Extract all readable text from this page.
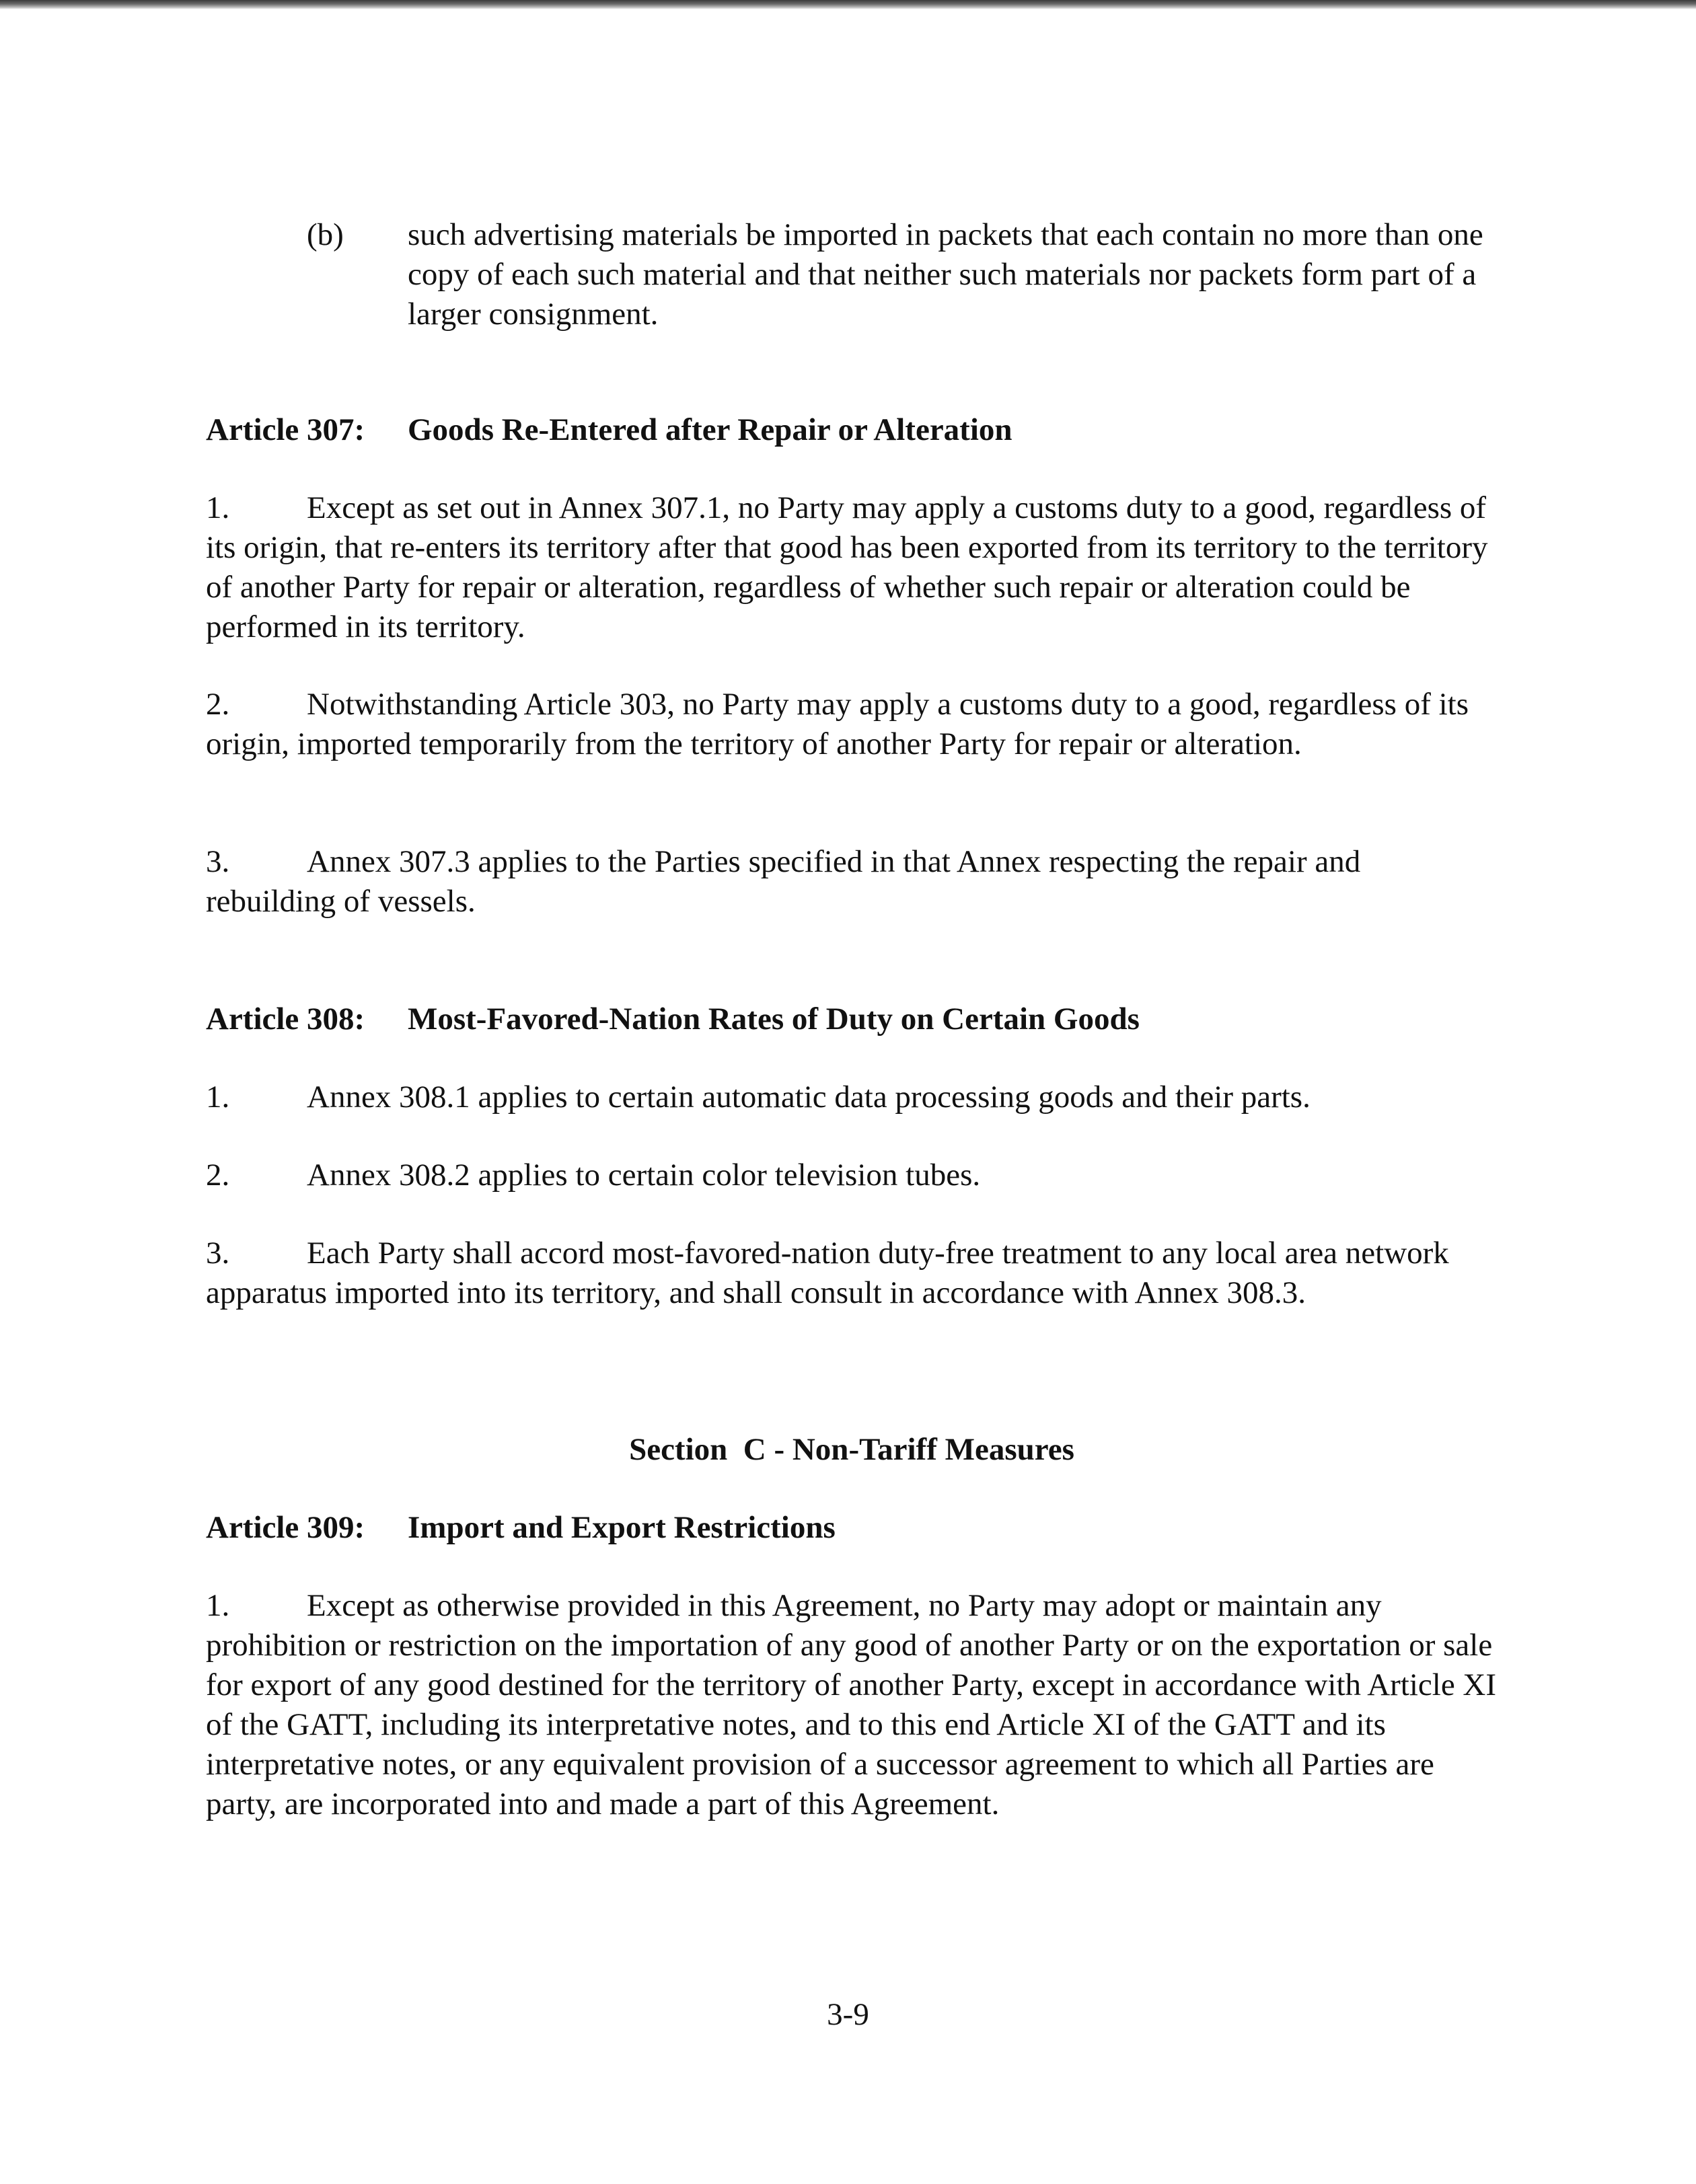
(b) such advertising materials be imported in packets that each contain no more than one copy of each such material and that neither such materials nor packets form part of a larger consignment.
Article 307: Goods Re-Entered after Repair or Alteration

1. Except as set out in Annex 307.1, no Party may apply a customs duty to a good, regardless of its origin, that re-enters its territory after that good has been exported from its territory to the territory of another Party for repair or alteration, regardless of whether such repair or alteration could be performed in its territory.

2. Notwithstanding Article 303, no Party may apply a customs duty to a good, regardless of its origin, imported temporarily from the territory of another Party for repair or alteration.

3. Annex 307.3 applies to the Parties specified in that Annex respecting the repair and rebuilding of vessels.

Article 308: Most-Favored-Nation Rates of Duty on Certain Goods

1. Annex 308.1 applies to certain automatic data processing goods and their parts.

2. Annex 308.2 applies to certain color television tubes.

3. Each Party shall accord most-favored-nation duty-free treatment to any local area network apparatus imported into its territory, and shall consult in accordance with Annex 308.3.

Section  C - Non-Tariff Measures
Article 309: Import and Export Restrictions

1. Except as otherwise provided in this Agreement, no Party may adopt or maintain any prohibition or restriction on the importation of any good of another Party or on the exportation or sale for export of any good destined for the territory of another Party, except in accordance with Article XI of the GATT, including its interpretative notes, and to this end Article XI of the GATT and its interpretative notes, or any equivalent provision of a successor agreement to which all Parties are party, are incorporated into and made a part of this Agreement.

3-9
